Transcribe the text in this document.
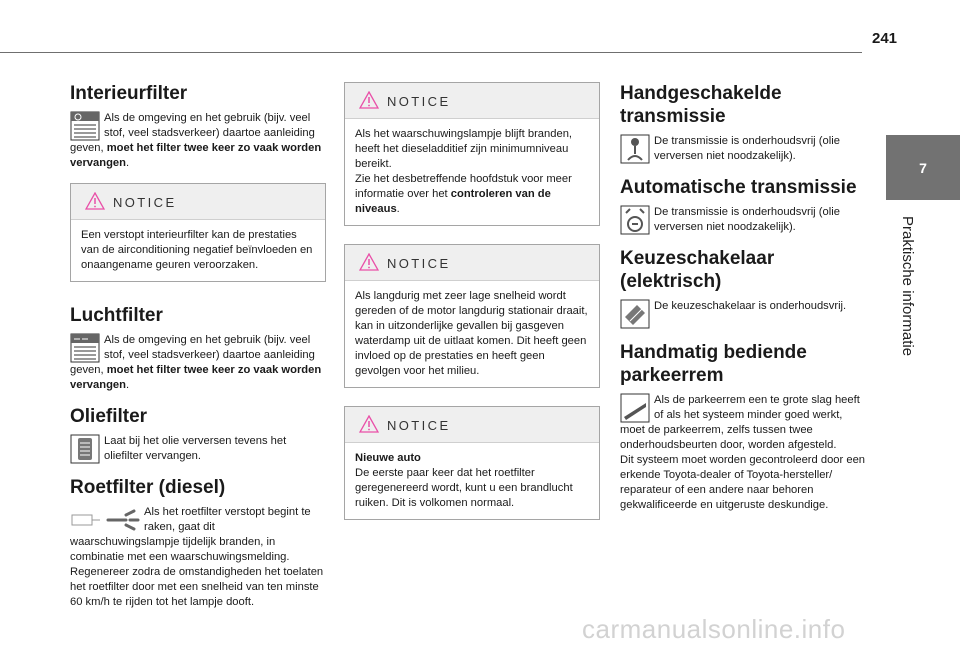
241
7
Praktische informatie
Interieurfilter

Als de omgeving en het gebruik (bijv. veel stof, veel stadsverkeer) daartoe aanleiding geven, moet het filter twee keer zo vaak worden vervangen.

NOTICE
Een verstopt interieurfilter kan de prestaties van de airconditioning negatief beïnvloeden en onaangename geuren veroorzaken.
Luchtfilter

Als de omgeving en het gebruik (bijv. veel stof, veel stadsverkeer) daartoe aanleiding geven, moet het filter twee keer zo vaak worden vervangen.

Oliefilter

Laat bij het olie verversen tevens het oliefilter vervangen.

Roetfilter (diesel)

Als het roetfilter verstopt begint te raken, gaat dit waarschuwingslampje tijdelijk branden, in combinatie met een waarschuwingsmelding. Regenereer zodra de omstandigheden het toelaten het roetfilter door met een snelheid van ten minste 60 km/h te rijden tot het lampje dooft.

NOTICE
Als het waarschuwingslampje blijft branden, heeft het dieseladditief zijn minimumniveau bereikt.
Zie het desbetreffende hoofdstuk voor meer informatie over het controleren van de niveaus.
NOTICE
Als langdurig met zeer lage snelheid wordt gereden of de motor langdurig stationair draait, kan in uitzonderlijke gevallen bij gasgeven waterdamp uit de uitlaat komen. Dit heeft geen invloed op de prestaties en heeft geen gevolgen voor het milieu.
NOTICE
Nieuwe auto
De eerste paar keer dat het roetfilter geregenereerd wordt, kunt u een brandlucht ruiken. Dit is volkomen normaal.
Handgeschakelde transmissie

De transmissie is onderhoudsvrij (olie verversen niet noodzakelijk).

Automatische transmissie

De transmissie is onderhoudsvrij (olie verversen niet noodzakelijk).

Keuzeschakelaar (elektrisch)

De keuzeschakelaar is onderhoudsvrij.

Handmatig bediende parkeerrem

Als de parkeerrem een te grote slag heeft of als het systeem minder goed werkt, moet de parkeerrem, zelfs tussen twee onderhoudsbeurten door, worden afgesteld.

Dit systeem moet worden gecontroleerd door een erkende Toyota-dealer of Toyota-hersteller/ reparateur of een andere naar behoren gekwalificeerde en uitgeruste deskundige.

carmanualsonline.info
